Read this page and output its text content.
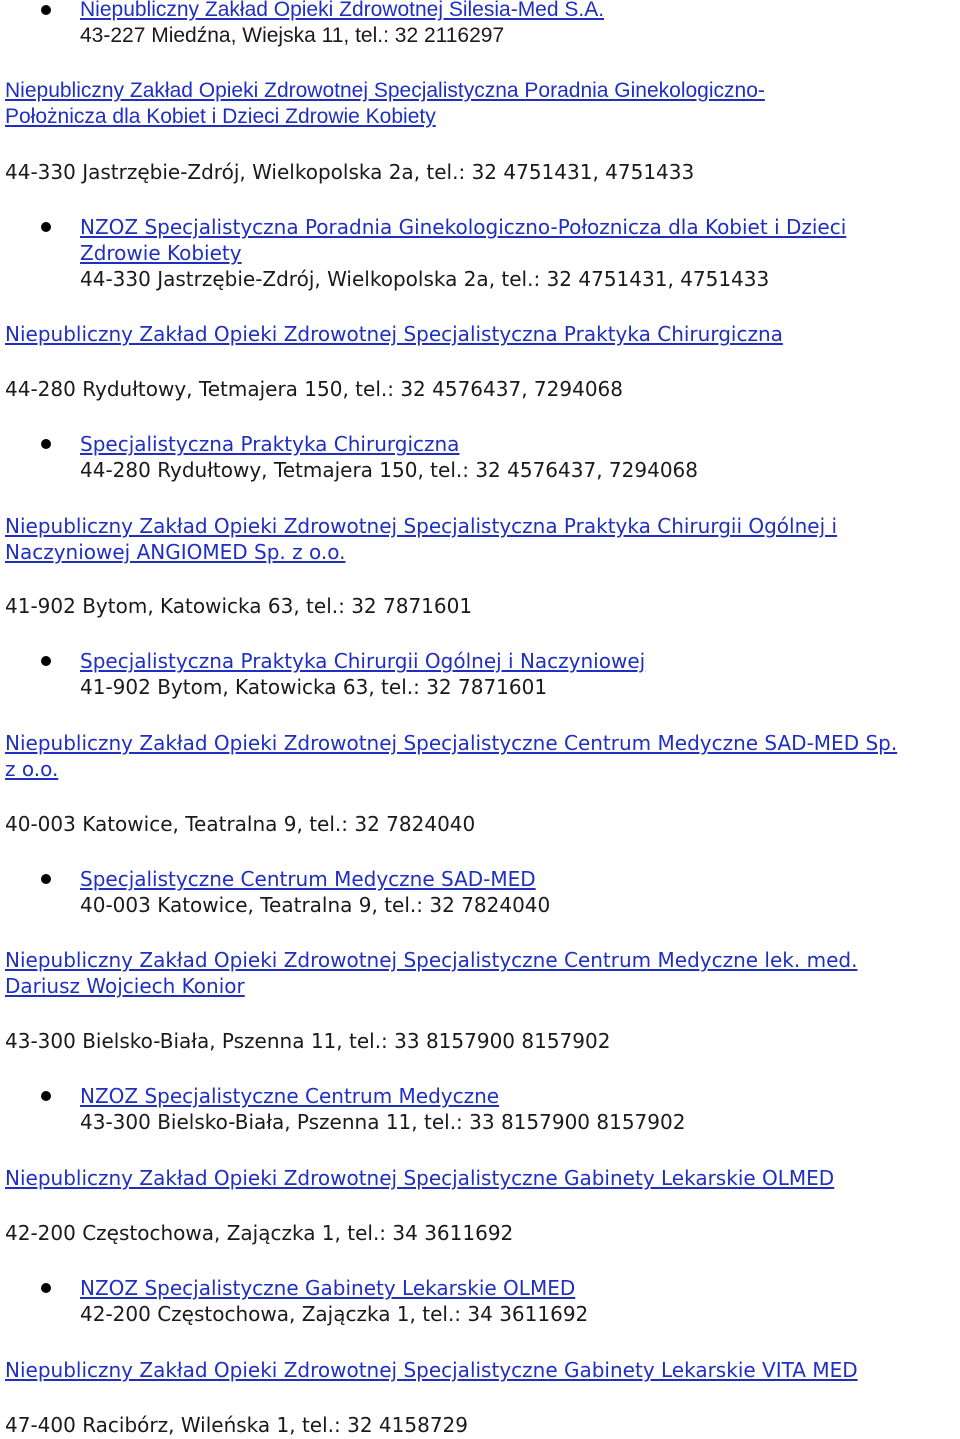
Niepubliczny Zakład Opieki Zdrowotnej Silesia-Med S.A.
43-227 Miedźna, Wiejska 11, tel.: 32 2116297
Niepubliczny Zakład Opieki Zdrowotnej Specjalistyczna Poradnia Ginekologiczno-
Położnicza dla Kobiet i Dzieci Zdrowie Kobiety
44-330 Jastrzębie-Zdrój, Wielkopolska 2a, tel.: 32 4751431, 4751433
NZOZ Specjalistyczna Poradnia Ginekologiczno-Połoznicza dla Kobiet i Dzieci
Zdrowie Kobiety
44-330 Jastrzębie-Zdrój, Wielkopolska 2a, tel.: 32 4751431, 4751433
Niepubliczny Zakład Opieki Zdrowotnej Specjalistyczna Praktyka Chirurgiczna
44-280 Rydułtowy, Tetmajera 150, tel.: 32 4576437, 7294068
Specjalistyczna Praktyka Chirurgiczna
44-280 Rydułtowy, Tetmajera 150, tel.: 32 4576437, 7294068
Niepubliczny Zakład Opieki Zdrowotnej Specjalistyczna Praktyka Chirurgii Ogólnej i
Naczyniowej ANGIOMED Sp. z o.o.
41-902 Bytom, Katowicka 63, tel.: 32 7871601
Specjalistyczna Praktyka Chirurgii Ogólnej i Naczyniowej
41-902 Bytom, Katowicka 63, tel.: 32 7871601
Niepubliczny Zakład Opieki Zdrowotnej Specjalistyczne Centrum Medyczne SAD-MED Sp.
z o.o.
40-003 Katowice, Teatralna 9, tel.: 32 7824040
Specjalistyczne Centrum Medyczne SAD-MED
40-003 Katowice, Teatralna 9, tel.: 32 7824040
Niepubliczny Zakład Opieki Zdrowotnej Specjalistyczne Centrum Medyczne lek. med.
Dariusz Wojciech Konior
43-300 Bielsko-Biała, Pszenna 11, tel.: 33 8157900 8157902
NZOZ Specjalistyczne Centrum Medyczne
43-300 Bielsko-Biała, Pszenna 11, tel.: 33 8157900 8157902
Niepubliczny Zakład Opieki Zdrowotnej Specjalistyczne Gabinety Lekarskie OLMED
42-200 Częstochowa, Zajączka 1, tel.: 34 3611692
NZOZ Specjalistyczne Gabinety Lekarskie OLMED
42-200 Częstochowa, Zajączka 1, tel.: 34 3611692
Niepubliczny Zakład Opieki Zdrowotnej Specjalistyczne Gabinety Lekarskie VITA MED
47-400 Racibórz, Wileńska 1, tel.: 32 4158729
